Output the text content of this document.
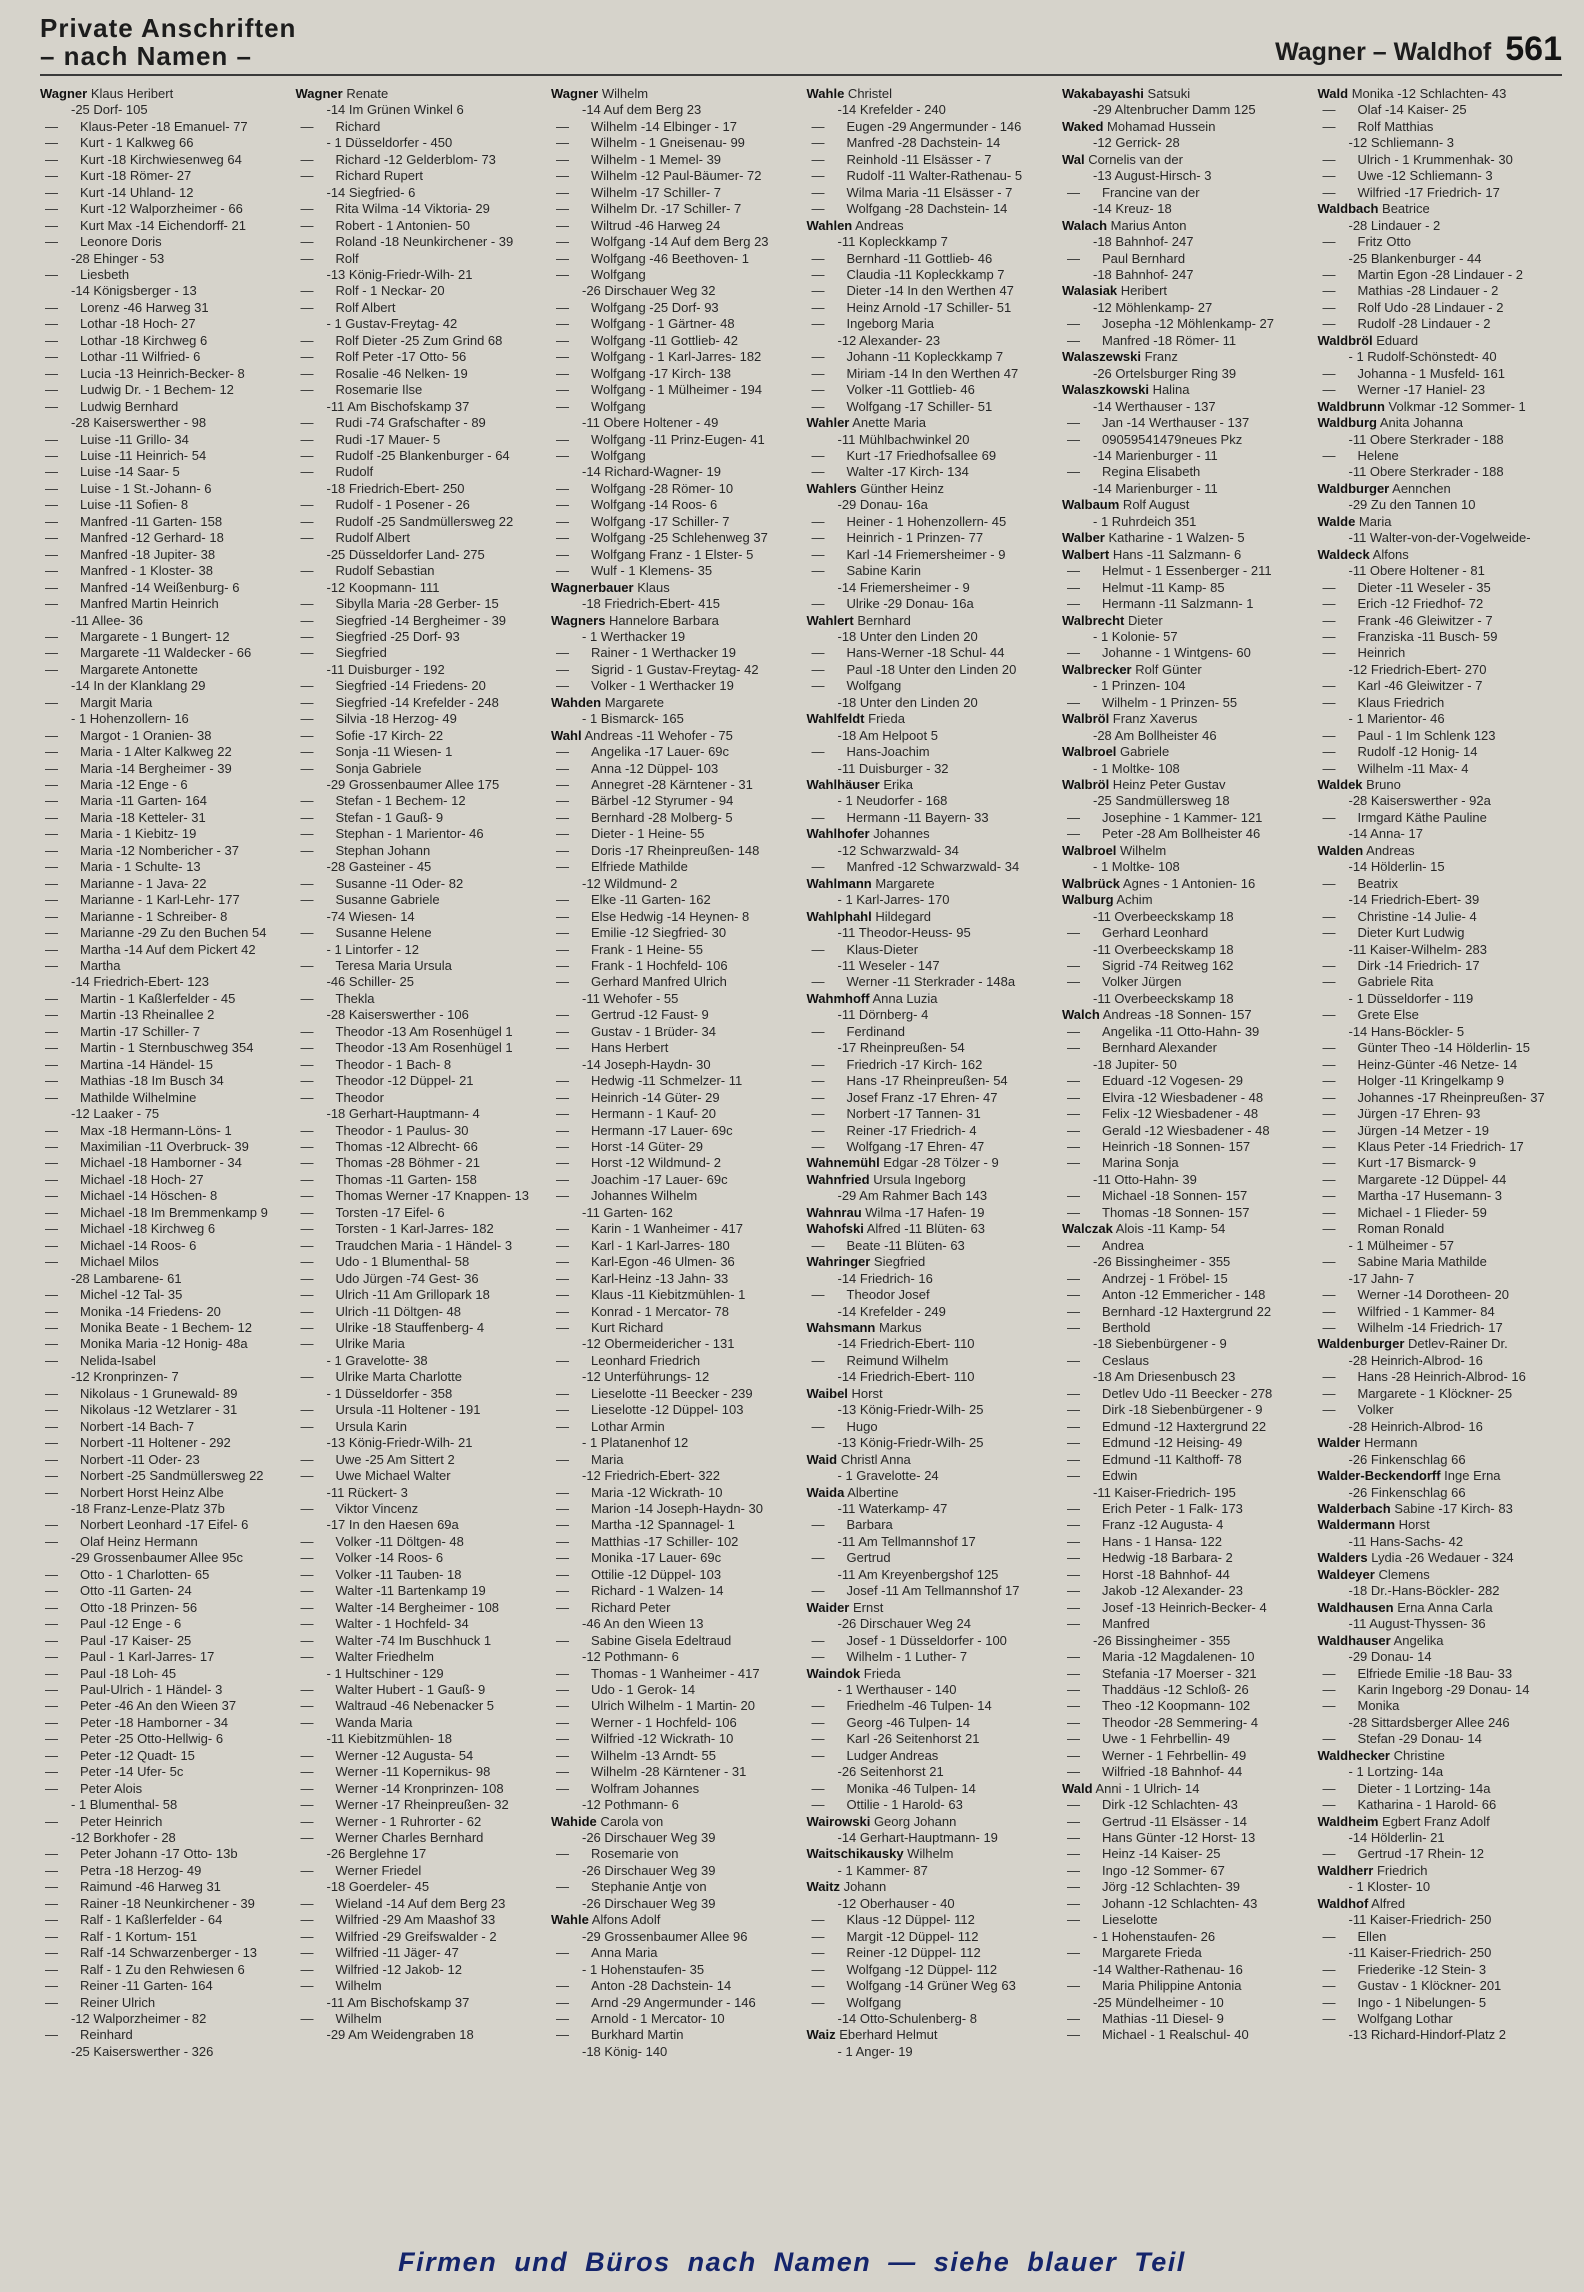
Private Anschriften
– nach Namen –	Wagner – Waldhof 561
Wagner Klaus Heribert
-25 Dorf- 105
— Klaus-Peter -18 Emanuel- 77
— Kurt - 1 Kalkweg 66
— Kurt -18 Kirchwiesenweg 64
— Kurt -18 Römer- 27
— Kurt -14 Uhland- 12
— Kurt -12 Walporzheimer - 66
— Kurt Max -14 Eichendorff- 21
— Leonore Doris
-28 Ehinger - 53
— Liesbeth
-14 Königsberger - 13
— Lorenz -46 Harweg 31
— Lothar -18 Hoch- 27
— Lothar -18 Kirchweg 6
— Lothar -11 Wilfried- 6
— Lucia -13 Heinrich-Becker- 8
— Ludwig Dr. - 1 Bechem- 12
— Ludwig Bernhard
-28 Kaiserswerther - 98
— Luise -11 Grillo- 34
— Luise -11 Heinrich- 54
— Luise -14 Saar- 5
— Luise - 1 St.-Johann- 6
— Luise -11 Sofien- 8
— Manfred -11 Garten- 158
— Manfred -12 Gerhard- 18
— Manfred -18 Jupiter- 38
— Manfred - 1 Kloster- 38
— Manfred -14 Weißenburg- 6
— Manfred Martin Heinrich
-11 Allee- 36
— Margarete - 1 Bungert- 12
— Margarete -11 Waldecker - 66
— Margarete Antonette
-14 In der Klanklang 29
— Margit Maria
- 1 Hohenzollern- 16
— Margot - 1 Oranien- 38
— Maria - 1 Alter Kalkweg 22
— Maria -14 Bergheimer - 39
— Maria -12 Enge - 6
— Maria -11 Garten- 164
— Maria -18 Ketteler- 31
— Maria - 1 Kiebitz- 19
— Maria -12 Nombericher - 37
— Maria - 1 Schulte- 13
— Marianne - 1 Java- 22
— Marianne - 1 Karl-Lehr- 177
— Marianne - 1 Schreiber- 8
— Marianne -29 Zu den Buchen 54
— Martha -14 Auf dem Pickert 42
— Martha
-14 Friedrich-Ebert- 123
— Martin - 1 Kaßlerfelder - 45
— Martin -13 Rheinallee 2
— Martin -17 Schiller- 7
— Martin - 1 Sternbuschweg 354
— Martina -14 Händel- 15
— Mathias -18 Im Busch 34
— Mathilde Wilhelmine
-12 Laaker - 75
— Max -18 Hermann-Löns- 1
— Maximilian -11 Overbruck- 39
— Michael -18 Hamborner - 34
— Michael -18 Hoch- 27
— Michael -14 Höschen- 8
— Michael -18 Im Bremmenkamp 9
— Michael -18 Kirchweg 6
— Michael -14 Roos- 6
— Michael Milos
-28 Lambarene- 61
— Michel -12 Tal- 35
— Monika -14 Friedens- 20
— Monika Beate - 1 Bechem- 12
— Monika Maria -12 Honig- 48a
— Nelida-Isabel
-12 Kronprinzen- 7
— Nikolaus - 1 Grunewald- 89
— Nikolaus -12 Wetzlarer - 31
— Norbert -14 Bach- 7
— Norbert -11 Holtener - 292
— Norbert -11 Oder- 23
— Norbert -25 Sandmüllersweg 22
— Norbert Horst Heinz Albe
-18 Franz-Lenze-Platz 37b
— Norbert Leonhard -17 Eifel- 6
— Olaf Heinz Hermann
-29 Grossenbaumer Allee 95c
— Otto - 1 Charlotten- 65
— Otto -11 Garten- 24
— Otto -18 Prinzen- 56
— Paul -12 Enge - 6
— Paul -17 Kaiser- 25
— Paul - 1 Karl-Jarres- 17
— Paul -18 Loh- 45
— Paul-Ulrich - 1 Händel- 3
— Peter -46 An den Wieen 37
— Peter -18 Hamborner - 34
— Peter -25 Otto-Hellwig- 6
— Peter -12 Quadt- 15
— Peter -14 Ufer- 5c
— Peter Alois
- 1 Blumenthal- 58
— Peter Heinrich
-12 Borkhofer - 28
— Peter Johann -17 Otto- 13b
— Petra -18 Herzog- 49
— Raimund -46 Harweg 31
— Rainer -18 Neunkirchener - 39
— Ralf - 1 Kaßlerfelder - 64
— Ralf - 1 Kortum- 151
— Ralf -14 Schwarzenberger - 13
— Ralf - 1 Zu den Rehwiesen 6
— Reiner -11 Garten- 164
— Reiner Ulrich
-12 Walporzheimer - 82
— Reinhard
-25 Kaiserswerther - 326
Wagner Renate
-14 Im Grünen Winkel 6
— Richard
- 1 Düsseldorfer - 450
— Richard -12 Gelderblom- 73
— Richard Rupert
-14 Siegfried- 6
— Rita Wilma -14 Viktoria- 29
— Robert - 1 Antonien- 50
— Roland -18 Neunkirchener - 39
— Rolf
-13 König-Friedr-Wilh- 21
— Rolf - 1 Neckar- 20
— Rolf Albert
- 1 Gustav-Freytag- 42
— Rolf Dieter -25 Zum Grind 68
— Rolf Peter -17 Otto- 56
— Rosalie -46 Nelken- 19
— Rosemarie Ilse
-11 Am Bischofskamp 37
— Rudi -74 Grafschafter - 89
— Rudi -17 Mauer- 5
— Rudolf -25 Blankenburger - 64
— Rudolf
-18 Friedrich-Ebert- 250
— Rudolf - 1 Posener - 26
— Rudolf -25 Sandmüllersweg 22
— Rudolf Albert
-25 Düsseldorfer Land- 275
— Rudolf Sebastian
-12 Koopmann- 111
— Sibylla Maria -28 Gerber- 15
— Siegfried -14 Bergheimer - 39
— Siegfried -25 Dorf- 93
— Siegfried
-11 Duisburger - 192
— Siegfried -14 Friedens- 20
— Siegfried -14 Krefelder - 248
— Silvia -18 Herzog- 49
— Sofie -17 Kirch- 22
— Sonja -11 Wiesen- 1
— Sonja Gabriele
-29 Grossenbaumer Allee 175
— Stefan - 1 Bechem- 12
— Stefan - 1 Gauß- 9
— Stephan - 1 Marientor- 46
— Stephan Johann
-28 Gasteiner - 45
— Susanne -11 Oder- 82
— Susanne Gabriele
-74 Wiesen- 14
— Susanne Helene
- 1 Lintorfer - 12
— Teresa Maria Ursula
-46 Schiller- 25
— Thekla
-28 Kaiserswerther - 106
— Theodor -13 Am Rosenhügel 1
— Theodor -13 Am Rosenhügel 1
— Theodor - 1 Bach- 8
— Theodor -12 Düppel- 21
— Theodor
-18 Gerhart-Hauptmann- 4
— Theodor - 1 Paulus- 30
— Thomas -12 Albrecht- 66
— Thomas -28 Böhmer - 21
— Thomas -11 Garten- 158
— Thomas Werner -17 Knappen- 13
— Torsten -17 Eifel- 6
— Torsten - 1 Karl-Jarres- 182
— Traudchen Maria - 1 Händel- 3
— Udo - 1 Blumenthal- 58
— Udo Jürgen -74 Gest- 36
— Ulrich -11 Am Grillopark 18
— Ulrich -11 Döltgen- 48
— Ulrike -18 Stauffenberg- 4
— Ulrike Maria
- 1 Gravelotte- 38
— Ulrike Marta Charlotte
- 1 Düsseldorfer - 358
— Ursula -11 Holtener - 191
— Ursula Karin
-13 König-Friedr-Wilh- 21
— Uwe -25 Am Sittert 2
— Uwe Michael Walter
-11 Rückert- 3
— Viktor Vincenz
-17 In den Haesen 69a
— Volker -11 Döltgen- 48
— Volker -14 Roos- 6
— Volker -11 Tauben- 18
— Walter -11 Bartenkamp 19
— Walter -14 Bergheimer - 108
— Walter - 1 Hochfeld- 34
— Walter -74 Im Buschhuck 1
— Walter Friedhelm
- 1 Hultschiner - 129
— Walter Hubert - 1 Gauß- 9
— Waltraud -46 Nebenacker 5
— Wanda Maria
-11 Kiebitzmühlen- 18
— Werner -12 Augusta- 54
— Werner -11 Kopernikus- 98
— Werner -14 Kronprinzen- 108
— Werner -17 Rheinpreußen- 32
— Werner - 1 Ruhrorter - 62
— Werner Charles Bernhard
-26 Berglehne 17
— Werner Friedel
-18 Goerdeler- 45
— Wieland -14 Auf dem Berg 23
— Wilfried -29 Am Maashof 33
— Wilfried -29 Greifswalder - 2
— Wilfried -11 Jäger- 47
— Wilfried -12 Jakob- 12
— Wilhelm
-11 Am Bischofskamp 37
— Wilhelm
-29 Am Weidengraben 18
Wagner Wilhelm
-14 Auf dem Berg 23
— Wilhelm -14 Elbinger - 17
— Wilhelm - 1 Gneisenau- 99
— Wilhelm - 1 Memel- 39
— Wilhelm -12 Paul-Bäumer- 72
— Wilhelm -17 Schiller- 7
— Wilhelm Dr. -17 Schiller- 7
— Wiltrud -46 Harweg 24
— Wolfgang -14 Auf dem Berg 23
— Wolfgang -46 Beethoven- 1
— Wolfgang
-26 Dirschauer Weg 32
— Wolfgang -25 Dorf- 93
— Wolfgang - 1 Gärtner- 48
— Wolfgang -11 Gottlieb- 42
— Wolfgang - 1 Karl-Jarres- 182
— Wolfgang -17 Kirch- 138
— Wolfgang - 1 Mülheimer - 194
— Wolfgang
-11 Obere Holtener - 49
— Wolfgang -11 Prinz-Eugen- 41
— Wolfgang
-14 Richard-Wagner- 19
— Wolfgang -28 Römer- 10
— Wolfgang -14 Roos- 6
— Wolfgang -17 Schiller- 7
— Wolfgang -25 Schlehenweg 37
— Wolfgang Franz - 1 Elster- 5
— Wulf - 1 Klemens- 35
Wagnerbauer Klaus
-18 Friedrich-Ebert- 415
Wagners Hannelore Barbara
- 1 Werthacker 19
— Rainer - 1 Werthacker 19
— Sigrid - 1 Gustav-Freytag- 42
— Volker - 1 Werthacker 19
Wahden Margarete
- 1 Bismarck- 165
Wahl Andreas -11 Wehofer - 75
— Angelika -17 Lauer- 69c
— Anna -12 Düppel- 103
— Annegret -28 Kärntener - 31
— Bärbel -12 Styrumer - 94
— Bernhard -28 Molberg- 5
— Dieter - 1 Heine- 55
— Doris -17 Rheinpreußen- 148
— Elfriede Mathilde
-12 Wildmund- 2
— Elke -11 Garten- 162
— Else Hedwig -14 Heynen- 8
— Emilie -12 Siegfried- 30
— Frank - 1 Heine- 55
— Frank - 1 Hochfeld- 106
— Gerhard Manfred Ulrich
-11 Wehofer - 55
— Gertrud -12 Faust- 9
— Gustav - 1 Brüder- 34
— Hans Herbert
-14 Joseph-Haydn- 30
— Hedwig -11 Schmelzer- 11
— Heinrich -14 Güter- 29
— Hermann - 1 Kauf- 20
— Hermann -17 Lauer- 69c
— Horst -14 Güter- 29
— Horst -12 Wildmund- 2
— Joachim -17 Lauer- 69c
— Johannes Wilhelm
-11 Garten- 162
— Karin - 1 Wanheimer - 417
— Karl - 1 Karl-Jarres- 180
— Karl-Egon -46 Ulmen- 36
— Karl-Heinz -13 Jahn- 33
— Klaus -11 Kiebitzmühlen- 1
— Konrad - 1 Mercator- 78
— Kurt Richard
-12 Obermeidericher - 131
— Leonhard Friedrich
-12 Unterführungs- 12
— Lieselotte -11 Beecker - 239
— Lieselotte -12 Düppel- 103
— Lothar Armin
- 1 Platanenhof 12
— Maria
-12 Friedrich-Ebert- 322
— Maria -12 Wickrath- 10
— Marion -14 Joseph-Haydn- 30
— Martha -12 Spannagel- 1
— Matthias -17 Schiller- 102
— Monika -17 Lauer- 69c
— Ottilie -12 Düppel- 103
— Richard - 1 Walzen- 14
— Richard Peter
-46 An den Wieen 13
— Sabine Gisela Edeltraud
-12 Pothmann- 6
— Thomas - 1 Wanheimer - 417
— Udo - 1 Gerok- 14
— Ulrich Wilhelm - 1 Martin- 20
— Werner - 1 Hochfeld- 106
— Wilfried -12 Wickrath- 10
— Wilhelm -13 Arndt- 55
— Wilhelm -28 Kärntener - 31
— Wolfram Johannes
-12 Pothmann- 6
Wahide Carola von
-26 Dirschauer Weg 39
— Rosemarie von
-26 Dirschauer Weg 39
— Stephanie Antje von
-26 Dirschauer Weg 39
Wahle Alfons Adolf
-29 Grossenbaumer Allee 96
— Anna Maria
- 1 Hohenstaufen- 35
— Anton -28 Dachstein- 14
— Arnd -29 Angermunder - 146
— Arnold - 1 Mercator- 10
— Burkhard Martin
-18 König- 140
Wahle Christel
-14 Krefelder - 240
— Eugen -29 Angermunder - 146
— Manfred -28 Dachstein- 14
— Reinhold -11 Elsässer - 7
— Rudolf -11 Walter-Rathenau- 5
— Wilma Maria -11 Elsässer - 7
— Wolfgang -28 Dachstein- 14
Wahlen Andreas
-11 Kopleckkamp 7
— Bernhard -11 Gottlieb- 46
— Claudia -11 Kopleckkamp 7
— Dieter -14 In den Werthen 47
— Heinz Arnold -17 Schiller- 51
— Ingeborg Maria
-12 Alexander- 23
— Johann -11 Kopleckkamp 7
— Miriam -14 In den Werthen 47
— Volker -11 Gottlieb- 46
— Wolfgang -17 Schiller- 51
Wahler Anette Maria
-11 Mühlbachwinkel 20
— Kurt -17 Friedhofsallee 69
— Walter -17 Kirch- 134
Wahlers Günther Heinz
-29 Donau- 16a
— Heiner - 1 Hohenzollern- 45
— Heinrich - 1 Prinzen- 77
— Karl -14 Friemersheimer - 9
— Sabine Karin
-14 Friemersheimer - 9
— Ulrike -29 Donau- 16a
Wahlert Bernhard
-18 Unter den Linden 20
— Hans-Werner -18 Schul- 44
— Paul -18 Unter den Linden 20
— Wolfgang
-18 Unter den Linden 20
Wahlfeldt Frieda
-18 Am Helpoot 5
— Hans-Joachim
-11 Duisburger - 32
Wahlhäuser Erika
- 1 Neudorfer - 168
— Hermann -11 Bayern- 33
Wahlhofer Johannes
-12 Schwarzwald- 34
— Manfred -12 Schwarzwald- 34
Wahlmann Margarete
- 1 Karl-Jarres- 170
Wahlphahl Hildegard
-11 Theodor-Heuss- 95
— Klaus-Dieter
-11 Weseler - 147
— Werner -11 Sterkrader - 148a
Wahmhoff Anna Luzia
-11 Dörnberg- 4
— Ferdinand
-17 Rheinpreußen- 54
— Friedrich -17 Kirch- 162
— Hans -17 Rheinpreußen- 54
— Josef Franz -17 Ehren- 47
— Norbert -17 Tannen- 31
— Reiner -17 Friedrich- 4
— Wolfgang -17 Ehren- 47
Wahnemühl Edgar -28 Tölzer - 9
Wahnfried Ursula Ingeborg
-29 Am Rahmer Bach 143
Wahnrau Wilma -17 Hafen- 19
Wahofski Alfred -11 Blüten- 63
— Beate -11 Blüten- 63
Wahringer Siegfried
-14 Friedrich- 16
— Theodor Josef
-14 Krefelder - 249
Wahsmann Markus
-14 Friedrich-Ebert- 110
— Reimund Wilhelm
-14 Friedrich-Ebert- 110
Waibel Horst
-13 König-Friedr-Wilh- 25
— Hugo
-13 König-Friedr-Wilh- 25
Waid Christl Anna
- 1 Gravelotte- 24
Waida Albertine
-11 Waterkamp- 47
— Barbara
-11 Am Tellmannshof 17
— Gertrud
-11 Am Kreyenbergshof 125
— Josef -11 Am Tellmannshof 17
Waider Ernst
-26 Dirschauer Weg 24
— Josef - 1 Düsseldorfer - 100
— Wilhelm - 1 Luther- 7
Waindok Frieda
- 1 Werthauser - 140
— Friedhelm -46 Tulpen- 14
— Georg -46 Tulpen- 14
— Karl -26 Seitenhorst 21
— Ludger Andreas
-26 Seitenhorst 21
— Monika -46 Tulpen- 14
— Ottilie - 1 Harold- 63
Wairowski Georg Johann
-14 Gerhart-Hauptmann- 19
Waitschikausky Wilhelm
- 1 Kammer- 87
Waitz Johann
-12 Oberhauser - 40
— Klaus -12 Düppel- 112
— Margit -12 Düppel- 112
— Reiner -12 Düppel- 112
— Wolfgang -12 Düppel- 112
— Wolfgang -14 Grüner Weg 63
— Wolfgang
-14 Otto-Schulenberg- 8
Waiz Eberhard Helmut
- 1 Anger- 19
Wakabayashi Satsuki
-29 Altenbrucher Damm 125
Waked Mohamad Hussein
-12 Gerrick- 28
Wal Cornelis van der
-13 August-Hirsch- 3
— Francine van der
-14 Kreuz- 18
Walach Marius Anton
-18 Bahnhof- 247
— Paul Bernhard
-18 Bahnhof- 247
Walasiak Heribert
-12 Möhlenkamp- 27
— Josepha -12 Möhlenkamp- 27
— Manfred -18 Römer- 11
Walaszewski Franz
-26 Ortelsburger Ring 39
Walaszkowski Halina
-14 Werthauser - 137
— Jan -14 Werthauser - 137
— 09059541479neues Pkz
-14 Marienburger - 11
— Regina Elisabeth
-14 Marienburger - 11
Walbaum Rolf August
- 1 Ruhrdeich 351
Walber Katharine - 1 Walzen- 5
Walbert Hans -11 Salzmann- 6
— Helmut - 1 Essenberger - 211
— Helmut -11 Kamp- 85
— Hermann -11 Salzmann- 1
Walbrecht Dieter
- 1 Kolonie- 57
— Johanne - 1 Wintgens- 60
Walbrecker Rolf Günter
- 1 Prinzen- 104
— Wilhelm - 1 Prinzen- 55
Walbröl Franz Xaverus
-28 Am Bollheister 46
Walbroel Gabriele
- 1 Moltke- 108
Walbröl Heinz Peter Gustav
-25 Sandmüllersweg 18
— Josephine - 1 Kammer- 121
— Peter -28 Am Bollheister 46
Walbroel Wilhelm
- 1 Moltke- 108
Walbrück Agnes - 1 Antonien- 16
Walburg Achim
-11 Overbeeckskamp 18
— Gerhard Leonhard
-11 Overbeeckskamp 18
— Sigrid -74 Reitweg 162
— Volker Jürgen
-11 Overbeeckskamp 18
Walch Andreas -18 Sonnen- 157
— Angelika -11 Otto-Hahn- 39
— Bernhard Alexander
-18 Jupiter- 50
— Eduard -12 Vogesen- 29
— Elvira -12 Wiesbadener - 48
— Felix -12 Wiesbadener - 48
— Gerald -12 Wiesbadener - 48
— Heinrich -18 Sonnen- 157
— Marina Sonja
-11 Otto-Hahn- 39
— Michael -18 Sonnen- 157
— Thomas -18 Sonnen- 157
Walczak Alois -11 Kamp- 54
— Andrea
-26 Bissingheimer - 355
— Andrzej - 1 Fröbel- 15
— Anton -12 Emmericher - 148
— Bernhard -12 Haxtergrund 22
— Berthold
-18 Siebenbürgener - 9
— Ceslaus
-18 Am Driesenbusch 23
— Detlev Udo -11 Beecker - 278
— Dirk -18 Siebenbürgener - 9
— Edmund -12 Haxtergrund 22
— Edmund -12 Heising- 49
— Edmund -11 Kalthoff- 78
— Edwin
-11 Kaiser-Friedrich- 195
— Erich Peter - 1 Falk- 173
— Franz -12 Augusta- 4
— Hans - 1 Hansa- 122
— Hedwig -18 Barbara- 2
— Horst -18 Bahnhof- 44
— Jakob -12 Alexander- 23
— Josef -13 Heinrich-Becker- 4
— Manfred
-26 Bissingheimer - 355
— Maria -12 Magdalenen- 10
— Stefania -17 Moerser - 321
— Thaddäus -12 Schloß- 26
— Theo -12 Koopmann- 102
— Theodor -28 Semmering- 4
— Uwe - 1 Fehrbellin- 49
— Werner - 1 Fehrbellin- 49
— Wilfried -18 Bahnhof- 44
Wald Anni - 1 Ulrich- 14
— Dirk -12 Schlachten- 43
— Gertrud -11 Elsässer - 14
— Hans Günter -12 Horst- 13
— Heinz -14 Kaiser- 25
— Ingo -12 Sommer- 67
— Jörg -12 Schlachten- 39
— Johann -12 Schlachten- 43
— Lieselotte
- 1 Hohenstaufen- 26
— Margarete Frieda
-14 Walther-Rathenau- 16
— Maria Philippine Antonia
-25 Mündelheimer - 10
— Mathias -11 Diesel- 9
— Michael - 1 Realschul- 40
Wald Monika -12 Schlachten- 43
— Olaf -14 Kaiser- 25
— Rolf Matthias
-12 Schliemann- 3
— Ulrich - 1 Krummenhak- 30
— Uwe -12 Schliemann- 3
— Wilfried -17 Friedrich- 17
Waldbach Beatrice
-28 Lindauer - 2
— Fritz Otto
-25 Blankenburger - 44
— Martin Egon -28 Lindauer - 2
— Mathias -28 Lindauer - 2
— Rolf Udo -28 Lindauer - 2
— Rudolf -28 Lindauer - 2
Waldbröl Eduard
- 1 Rudolf-Schönstedt- 40
— Johanna - 1 Musfeld- 161
— Werner -17 Haniel- 23
Waldbrunn Volkmar -12 Sommer- 1
Waldburg Anita Johanna
-11 Obere Sterkrader - 188
— Helene
-11 Obere Sterkrader - 188
Waldburger Aennchen
-29 Zu den Tannen 10
Walde Maria
-11 Walter-von-der-Vogelweide-
Waldeck Alfons
-11 Obere Holtener - 81
— Dieter -11 Weseler - 35
— Erich -12 Friedhof- 72
— Frank -46 Gleiwitzer - 7
— Franziska -11 Busch- 59
— Heinrich
-12 Friedrich-Ebert- 270
— Karl -46 Gleiwitzer - 7
— Klaus Friedrich
- 1 Marientor- 46
— Paul - 1 Im Schlenk 123
— Rudolf -12 Honig- 14
— Wilhelm -11 Max- 4
Waldek Bruno
-28 Kaiserswerther - 92a
— Irmgard Käthe Pauline
-14 Anna- 17
Walden Andreas
-14 Hölderlin- 15
— Beatrix
-14 Friedrich-Ebert- 39
— Christine -14 Julie- 4
— Dieter Kurt Ludwig
-11 Kaiser-Wilhelm- 283
— Dirk -14 Friedrich- 17
— Gabriele Rita
- 1 Düsseldorfer - 119
— Grete Else
-14 Hans-Böckler- 5
— Günter Theo -14 Hölderlin- 15
— Heinz-Günter -46 Netze- 14
— Holger -11 Kringelkamp 9
— Johannes -17 Rheinpreußen- 37
— Jürgen -17 Ehren- 93
— Jürgen -14 Metzer - 19
— Klaus Peter -14 Friedrich- 17
— Kurt -17 Bismarck- 9
— Margarete -12 Düppel- 44
— Martha -17 Husemann- 3
— Michael - 1 Flieder- 59
— Roman Ronald
- 1 Mülheimer - 57
— Sabine Maria Mathilde
-17 Jahn- 7
— Werner -14 Dorotheen- 20
— Wilfried - 1 Kammer- 84
— Wilhelm -14 Friedrich- 17
Waldenburger Detlev-Rainer Dr.
-28 Heinrich-Albrod- 16
— Hans -28 Heinrich-Albrod- 16
— Margarete - 1 Klöckner- 25
— Volker
-28 Heinrich-Albrod- 16
Walder Hermann
-26 Finkenschlag 66
Walder-Beckendorff Inge Erna
-26 Finkenschlag 66
Walderbach Sabine -17 Kirch- 83
Waldermann Horst
-11 Hans-Sachs- 42
Walders Lydia -26 Wedauer - 324
Waldeyer Clemens
-18 Dr.-Hans-Böckler- 282
Waldhausen Erna Anna Carla
-11 August-Thyssen- 36
Waldhauser Angelika
-29 Donau- 14
— Elfriede Emilie -18 Bau- 33
— Karin Ingeborg -29 Donau- 14
— Monika
-28 Sittardsberger Allee 246
— Stefan -29 Donau- 14
Waldhecker Christine
- 1 Lortzing- 14a
— Dieter - 1 Lortzing- 14a
— Katharina - 1 Harold- 66
Waldheim Egbert Franz Adolf
-14 Hölderlin- 21
— Gertrud -17 Rhein- 12
Waldherr Friedrich
- 1 Kloster- 10
Waldhof Alfred
-11 Kaiser-Friedrich- 250
— Ellen
-11 Kaiser-Friedrich- 250
— Friederike -12 Stein- 3
— Gustav - 1 Klöckner- 201
— Ingo - 1 Nibelungen- 5
— Wolfgang Lothar
-13 Richard-Hindorf-Platz 2
Firmen und Büros nach Namen — siehe blauer Teil
